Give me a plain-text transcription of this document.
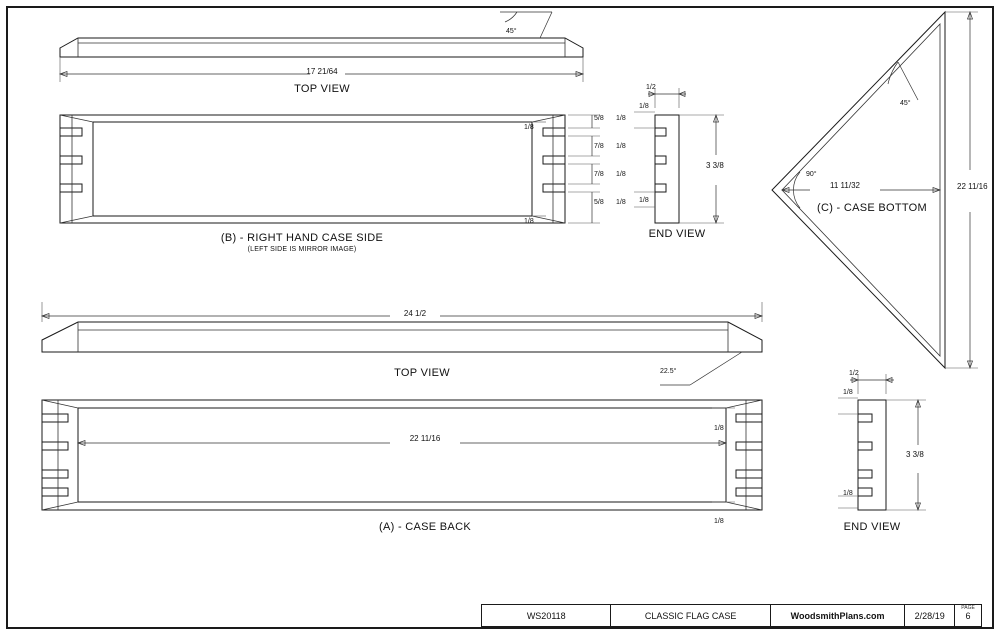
45°
17 21/64
TOP VIEW
1/8
1/8
5/8
7/8
7/8
5/8
1/8
1/8
1/8
1/8
(B) - RIGHT HAND CASE SIDE
(LEFT SIDE IS MIRROR IMAGE)
1/2
1/8
1/8
3 3/8
END VIEW
45°
90°
11 11/32	22 11/16
(C) - CASE BOTTOM
24 1/2
TOP VIEW	22.5°
22 11/16
1/8
1/8
(A) - CASE BACK
1/2
1/8
1/8
3 3/8
END VIEW
WS20118	CLASSIC FLAG CASE	WoodsmithPlans.com	2/28/19
PAGE
6
